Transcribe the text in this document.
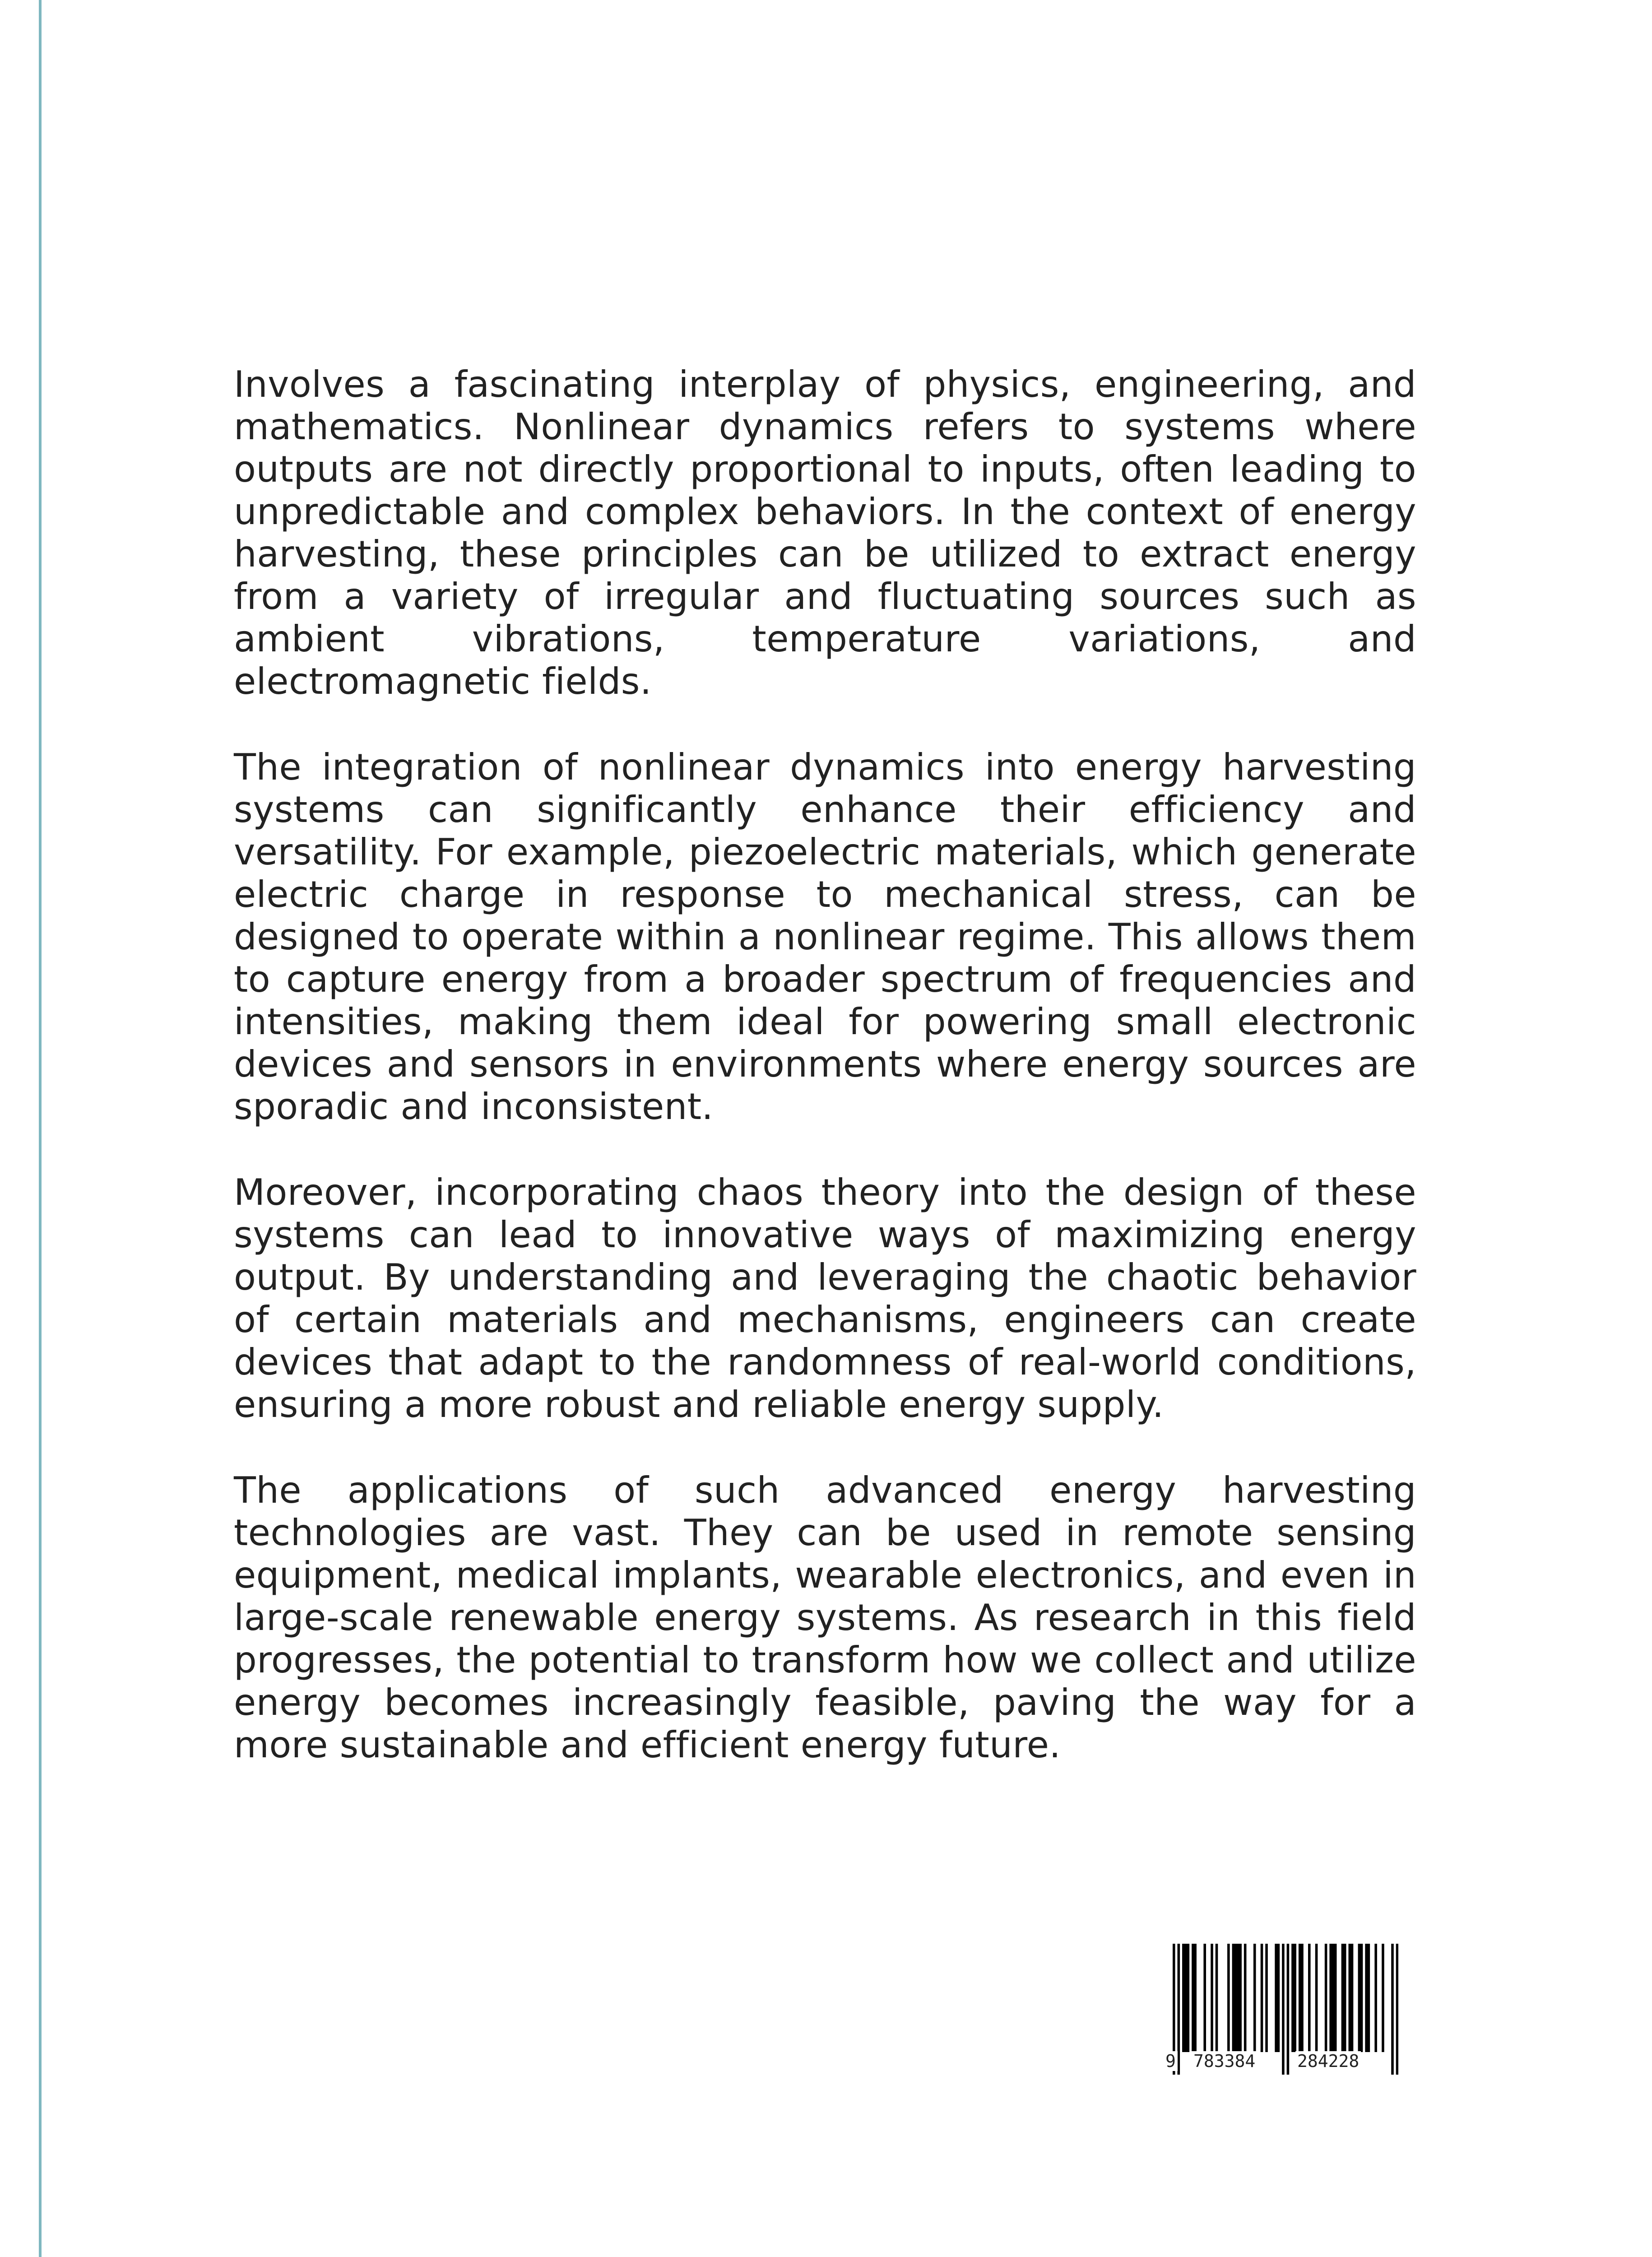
Involves a fascinating interplay of physics, engineering, and mathematics. Nonlinear dynamics refers to systems where outputs are not directly proportional to inputs, often leading to unpredictable and complex behaviors. In the context of energy harvesting, these principles can be utilized to extract energy from a variety of irregular and fluctuating sources such as ambient vibrations, temperature variations, and electromagnetic fields.

The integration of nonlinear dynamics into energy harvesting systems can significantly enhance their efficiency and versatility. For example, piezoelectric materials, which generate electric charge in response to mechanical stress, can be designed to operate within a nonlinear regime. This allows them to capture energy from a broader spectrum of frequencies and intensities, making them ideal for powering small electronic devices and sensors in environments where energy sources are sporadic and inconsistent.

Moreover, incorporating chaos theory into the design of these systems can lead to innovative ways of maximizing energy output. By understanding and leveraging the chaotic behavior of certain materials and mechanisms, engineers can create devices that adapt to the randomness of real-world conditions, ensuring a more robust and reliable energy supply.

The applications of such advanced energy harvesting technologies are vast. They can be used in remote sensing equipment, medical implants, wearable electronics, and even in large-scale renewable energy systems. As research in this field progresses, the potential to transform how we collect and utilize energy becomes increasingly feasible, paving the way for a more sustainable and efficient energy future.

9 783384 284228
